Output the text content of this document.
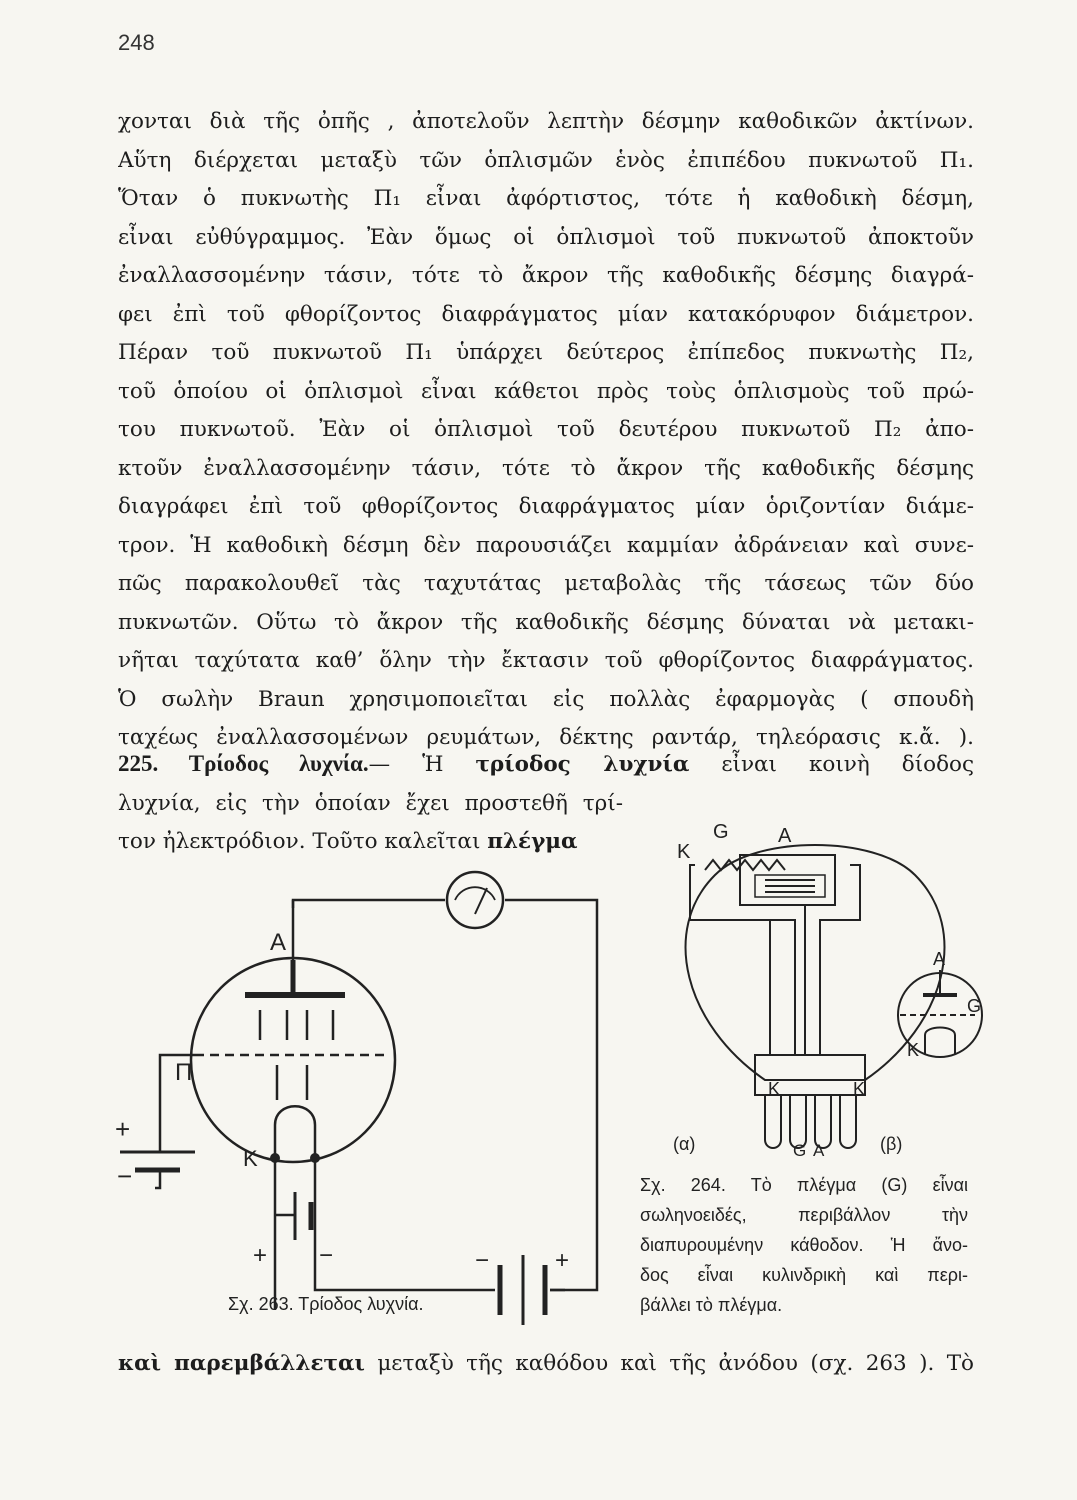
248
χονται διὰ τῆς ὀπῆς , ἀποτελοῦν λεπτὴν δέσμην καθοδικῶν ἀκτίνων.
Αὕτη διέρχεται μεταξὺ τῶν ὁπλισμῶν ἑνὸς ἐπιπέδου πυκνωτοῦ Π₁.
Ὅταν ὁ πυκνωτὴς Π₁ εἶναι ἀφόρτιστος, τότε ἡ καθοδικὴ δέσμη,
εἶναι εὐθύγραμμος. Ἐὰν ὅμως οἱ ὁπλισμοὶ τοῦ πυκνωτοῦ ἀποκτοῦν
ἐναλλασσομένην τάσιν, τότε τὸ ἄκρον τῆς καθοδικῆς δέσμης διαγρά-
φει ἐπὶ τοῦ φθορίζοντος διαφράγματος μίαν κατακόρυφον διάμετρον.
Πέραν τοῦ πυκνωτοῦ Π₁ ὑπάρχει δεύτερος ἐπίπεδος πυκνωτὴς Π₂,
τοῦ ὁποίου οἱ ὁπλισμοὶ εἶναι κάθετοι πρὸς τοὺς ὁπλισμοὺς τοῦ πρώ-
του πυκνωτοῦ. Ἐὰν οἱ ὁπλισμοὶ τοῦ δευτέρου πυκνωτοῦ Π₂ ἀπο-
κτοῦν ἐναλλασσομένην τάσιν, τότε τὸ ἄκρον τῆς καθοδικῆς δέσμης
διαγράφει ἐπὶ τοῦ φθορίζοντος διαφράγματος μίαν ὁριζοντίαν διάμε-
τρον. Ἡ καθοδικὴ δέσμη δὲν παρουσιάζει καμμίαν ἀδράνειαν καὶ συνε-
πῶς παρακολουθεῖ τὰς ταχυτάτας μεταβολὰς τῆς τάσεως τῶν δύο
πυκνωτῶν. Οὕτω τὸ ἄκρον τῆς καθοδικῆς δέσμης δύναται νὰ μετακι-
νῆται ταχύτατα καθ’ ὅλην τὴν ἔκτασιν τοῦ φθορίζοντος διαφράγματος.
Ὁ σωλὴν Braun χρησιμοποιεῖται εἰς πολλὰς ἐφαρμογὰς ( σπουδὴ
ταχέως ἐναλλασσομένων ρευμάτων, δέκτης ραντάρ, τηλεόρασις κ.ἄ. ).
225. Τρίοδος λυχνία.— Ἡ τρίοδος λυχνία εἶναι κοινὴ δίοδος
λυχνία, εἰς τὴν ὁποίαν ἔχει προστεθῆ τρί-
τον ἠλεκτρόδιον. Τοῦτο καλεῖται πλέγμα
A
Π
K
+
−
+ −	−	+
Σχ. 263. Τρίοδος λυχνία.
G A
K
K	K
G A
(α)	(β)
A
G
K
Σχ. 264. Τὸ πλέγμα (G) εἶναι
σωληνοειδές, περιβάλλον τὴν
διαπυρουμένην κάθοδον. Ἡ ἄνο-
δος εἶναι κυλινδρικὴ καὶ περι-
βάλλει τὸ πλέγμα.
καὶ παρεμβάλλεται μεταξὺ τῆς καθόδου καὶ τῆς ἀνόδου (σχ. 263 ). Τὸ
